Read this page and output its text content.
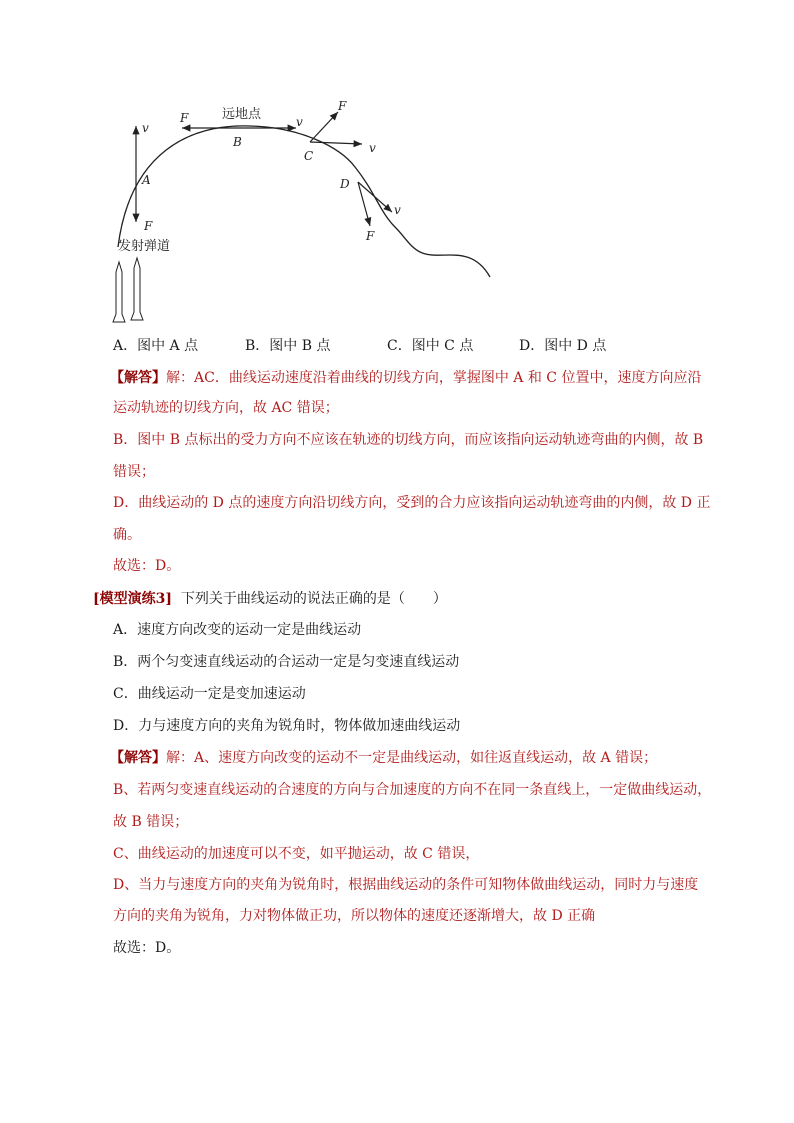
v
A
F
F	v
远地点
B
F
v
C
D
v
F
发射弹道
A．图中 A 点	B．图中 B 点	C．图中 C 点	D．图中 D 点
【解答】解：AC．曲线运动速度沿着曲线的切线方向，掌握图中 A 和 C 位置中，速度方向应沿
运动轨迹的切线方向，故 AC 错误；
B．图中 B 点标出的受力方向不应该在轨迹的切线方向，而应该指向运动轨迹弯曲的内侧，故 B
错误；
D．曲线运动的 D 点的速度方向沿切线方向，受到的合力应该指向运动轨迹弯曲的内侧，故 D 正
确。
故选：D。
[模型演练3] 下列关于曲线运动的说法正确的是（　　）
A．速度方向改变的运动一定是曲线运动
B．两个匀变速直线运动的合运动一定是匀变速直线运动
C．曲线运动一定是变加速运动
D．力与速度方向的夹角为锐角时，物体做加速曲线运动
【解答】解：A、速度方向改变的运动不一定是曲线运动，如往返直线运动，故 A 错误；
B、若两匀变速直线运动的合速度的方向与合加速度的方向不在同一条直线上，一定做曲线运动，
故 B 错误；
C、曲线运动的加速度可以不变，如平抛运动，故 C 错误，
D、当力与速度方向的夹角为锐角时，根据曲线运动的条件可知物体做曲线运动，同时力与速度
方向的夹角为锐角，力对物体做正功，所以物体的速度还逐渐增大，故 D 正确
故选：D。
